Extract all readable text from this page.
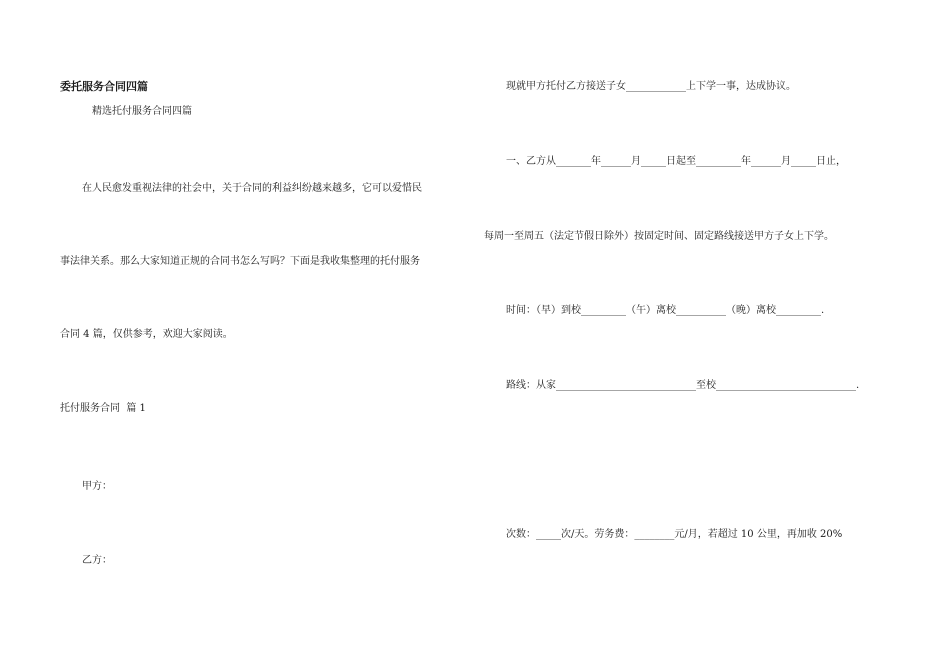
委托服务合同四篇
精选托付服务合同四篇
在人民愈发重视法律的社会中，关于合同的利益纠纷越来越多，它可以爱惜民
事法律关系。那么大家知道正规的合同书怎么写吗？下面是我收集整理的托付服务
合同 4 篇，仅供参考，欢迎大家阅读。
托付服务合同  篇 1
甲方：
乙方：
现就甲方托付乙方接送子女____________上下学一事，达成协议。
一、乙方从_______年______月_____日起至_________年______月_____日止，
每周一至周五（法定节假日除外）按固定时间、固定路线接送甲方子女上下学。
时间：（早）到校_________（午）离校__________（晚）离校_________.
路线：从家____________________________至校____________________________.
次数：_____次/天。劳务费：________元/月，若超过 10 公里，再加收 20%
